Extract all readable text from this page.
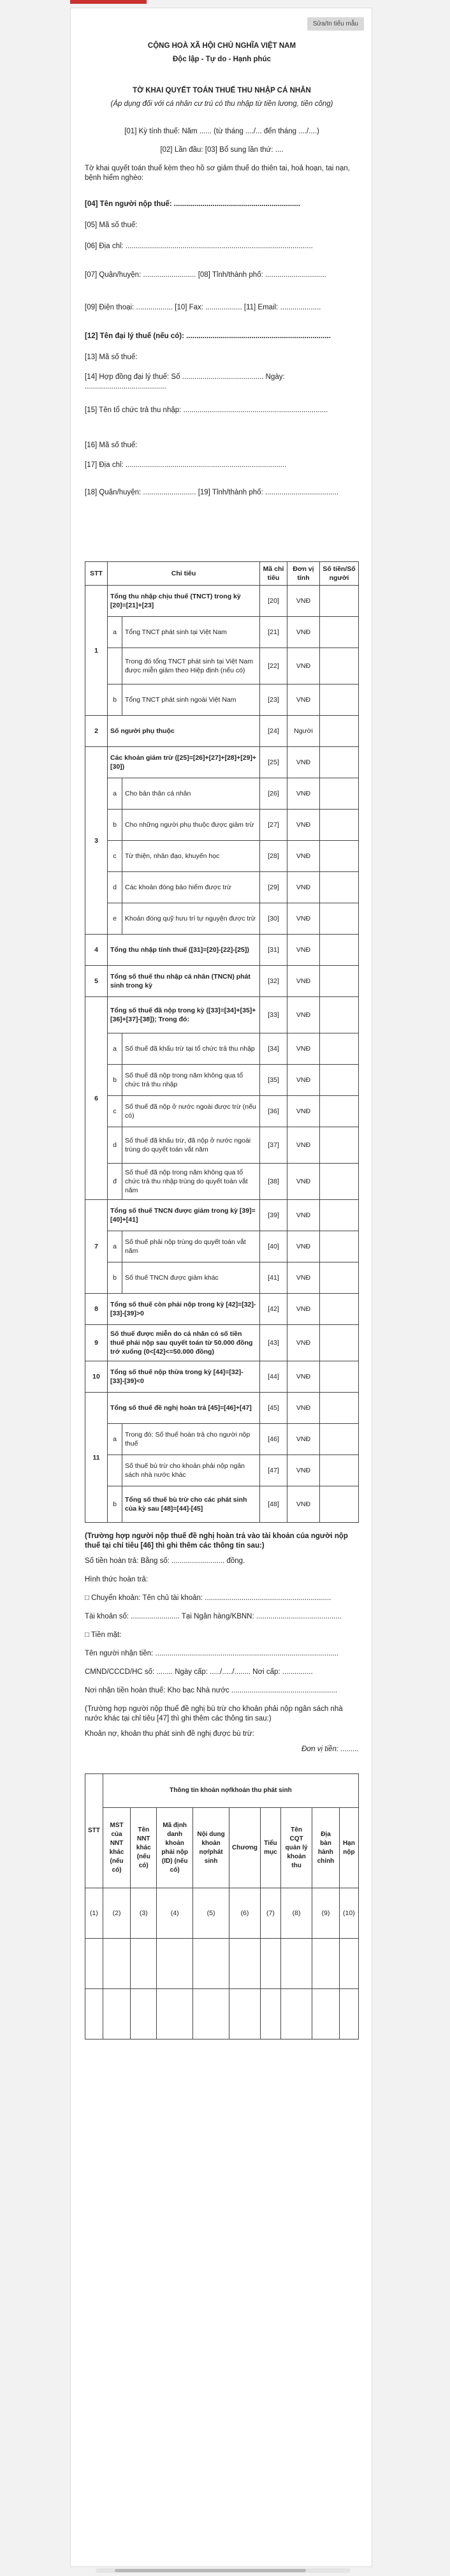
Sửa/In tiểu mẫu
CỘNG HOÀ XÃ HỘI CHỦ NGHĨA VIỆT NAM
Độc lập - Tự do - Hạnh phúc
TỜ KHAI QUYẾT TOÁN THUẾ THU NHẬP CÁ NHÂN
(Áp dụng đối với cá nhân cư trú có thu nhập từ tiền lương, tiền công)
[01] Kỳ tính thuế: Năm ...... (từ tháng ..../... đến tháng ..../....)
[02] Lần đầu: [03] Bổ sung lần thứ: ....
Tờ khai quyết toán thuế kèm theo hồ sơ giảm thuế do thiên tai, hoả hoạn, tai nạn, bệnh hiểm nghèo:
[04] Tên người nộp thuế: ..............................................................
[05] Mã số thuế:
[06] Địa chỉ: ............................................................................................
[07] Quận/huyện: .......................... [08] Tỉnh/thành phố: ..............................
[09] Điện thoại: .................. [10] Fax: .................. [11] Email: ....................
[12] Tên đại lý thuế (nếu có): .......................................................................
[13] Mã số thuế:
[14] Hợp đồng đại lý thuế: Số ........................................ Ngày: ........................................
[15] Tên tổ chức trả thu nhập: .......................................................................
[16] Mã số thuế:
[17] Địa chỉ: ...............................................................................
[18] Quận/huyện: .......................... [19] Tỉnh/thành phố: ....................................
STT	Chỉ tiêu		Mã chỉ tiêu	Đơn vị tính	Số tiền/Số người
1	Tổng thu nhập chịu thuế (TNCT) trong kỳ [20]=[21]+[23]		[20]	VNĐ	
	a	Tổng TNCT phát sinh tại Việt Nam	[21]	VNĐ	
		Trong đó tổng TNCT phát sinh tại Việt Nam được miễn giảm theo Hiệp định (nếu có)	[22]	VNĐ	
	b	Tổng TNCT phát sinh ngoài Việt Nam	[23]	VNĐ	
2	Số người phụ thuộc		[24]	Người	
3	Các khoản giảm trừ ([25]=[26]+[27]+[28]+[29]+[30])		[25]	VNĐ	
	a	Cho bản thân cá nhân	[26]	VNĐ	
	b	Cho những người phụ thuộc được giảm trừ	[27]	VNĐ	
	c	Từ thiện, nhân đạo, khuyến học	[28]	VNĐ	
	d	Các khoản đóng bảo hiểm được trừ	[29]	VNĐ	
	e	Khoản đóng quỹ hưu trí tự nguyện được trừ	[30]	VNĐ	
4	Tổng thu nhập tính thuế ([31]=[20]-[22]-[25])		[31]	VNĐ	
5	Tổng số thuế thu nhập cá nhân (TNCN) phát sinh trong kỳ		[32]	VNĐ	
6	Tổng số thuế đã nộp trong kỳ ([33]=[34]+[35]+[36]+[37]-[38]); Trong đó:		[33]	VNĐ	
	a	Số thuế đã khấu trừ tại tổ chức trả thu nhập	[34]	VNĐ	
	b	Số thuế đã nộp trong năm không qua tổ chức trả thu nhập	[35]	VNĐ	
	c	Số thuế đã nộp ở nước ngoài được trừ (nếu có)	[36]	VNĐ	
	d	Số thuế đã khấu trừ, đã nộp ở nước ngoài trùng do quyết toán vắt năm	[37]	VNĐ	
	đ	Số thuế đã nộp trong năm không qua tổ chức trả thu nhập trùng do quyết toán vắt năm	[38]	VNĐ	
7	Tổng số thuế TNCN được giảm trong kỳ [39]=[40]+[41]		[39]	VNĐ	
	a	Số thuế phải nộp trùng do quyết toán vắt năm	[40]	VNĐ	
	b	Số thuế TNCN được giảm khác	[41]	VNĐ	
8	Tổng số thuế còn phải nộp trong kỳ [42]=[32]-[33]-[39]>0		[42]	VNĐ	
9	Số thuế được miễn do cá nhân có số tiền thuế phải nộp sau quyết toán từ 50.000 đồng trở xuống (0<[42]<=50.000 đồng)		[43]	VNĐ	
10	Tổng số thuế nộp thừa trong kỳ [44]=[32]-[33]-[39]<0		[44]	VNĐ	
11	Tổng số thuế đề nghị hoàn trả [45]=[46]+[47]		[45]	VNĐ	
	a	Trong đó: Số thuế hoàn trả cho người nộp thuế	[46]	VNĐ	
		Số thuế bù trừ cho khoản phải nộp ngân sách nhà nước khác	[47]	VNĐ	
	b	Tổng số thuế bù trừ cho các phát sinh của kỳ sau [48]=[44]-[45]	[48]	VNĐ	
(Trường hợp người nộp thuế đề nghị hoàn trả vào tài khoản của người nộp thuế tại chỉ tiêu [46] thì ghi thêm các thông tin sau:)
Số tiền hoàn trả: Bằng số: .......................... đồng.
Hình thức hoàn trả:
□ Chuyển khoản: Tên chủ tài khoản: ..............................................................
Tài khoản số: ........................ Tại Ngân hàng/KBNN: ..........................................
□ Tiền mặt:
Tên người nhận tiền: ..........................................................................................
CMND/CCCD/HC số: ........ Ngày cấp: ...../...../........ Nơi cấp: ...............
Nơi nhận tiền hoàn thuế: Kho bạc Nhà nước ....................................................
(Trường hợp người nộp thuế đề nghị bù trừ cho khoản phải nộp ngân sách nhà nước khác tại chỉ tiêu [47] thì ghi thêm các thông tin sau:)
Khoản nợ, khoản thu phát sinh đề nghị được bù trừ:
Đơn vị tiền: .........
STT	Thông tin khoản nợ/khoản thu phát sinh								
	MST của NNT khác (nếu có)	Tên NNT khác (nếu có)	Mã định danh khoản phải nộp (ID) (nếu có)	Nội dung khoản nợ/phát sinh	Chương	Tiểu mục	Tên CQT quản lý khoản thu	Địa bàn hành chính	Hạn nộp
(1)	(2)	(3)	(4)	(5)	(6)	(7)	(8)	(9)	(10)
